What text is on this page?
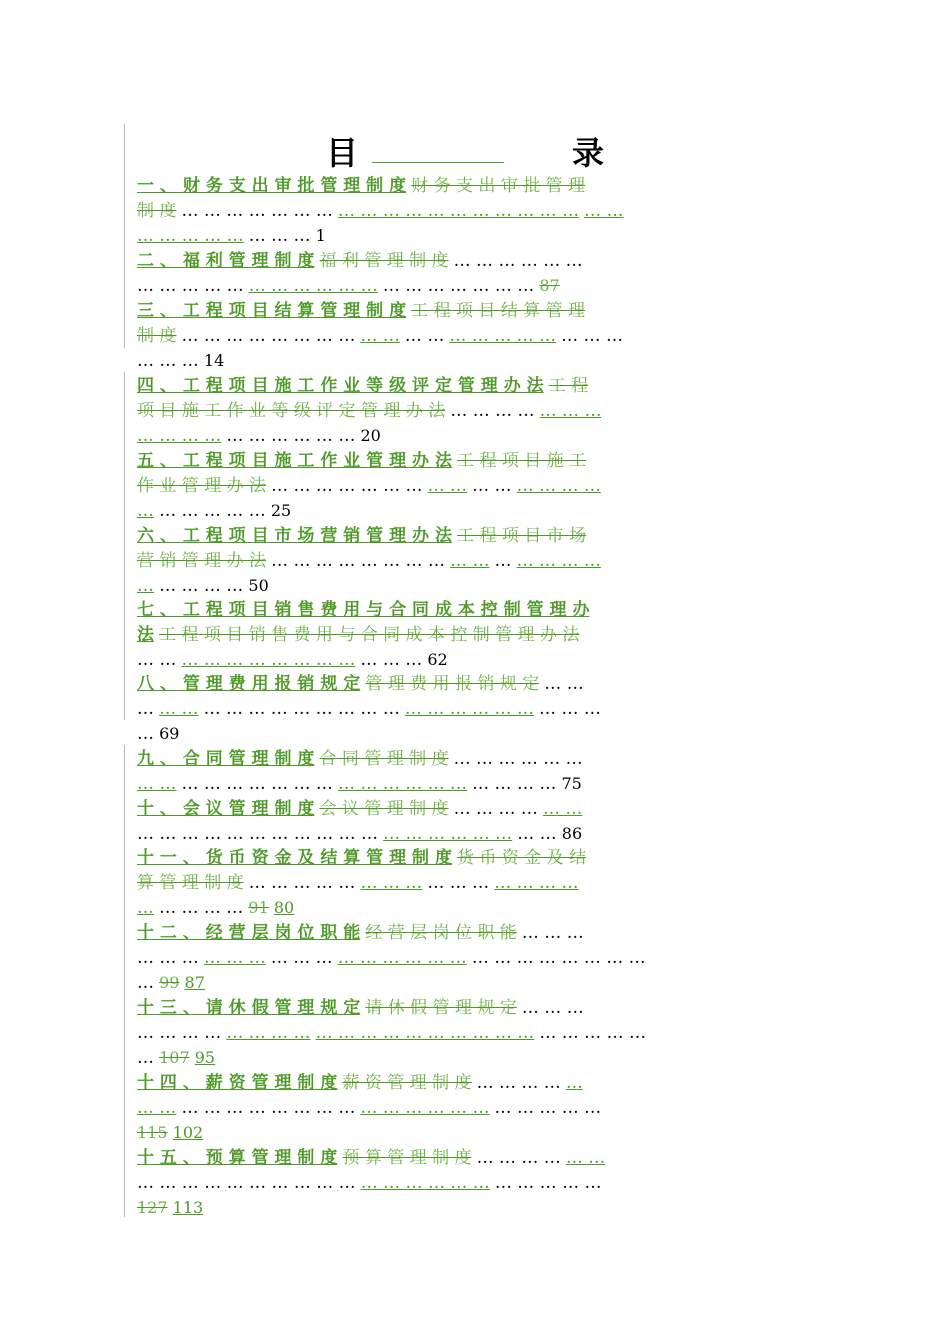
目	录
一 、 财 务 支 出 审 批 管 理 制 度 财 务 支 出 审 批 管 理
制 度 … … … … … … … … … … … … … … … … … … … …
… … … … … … … … 1
二 、 福 利 管 理 制 度 福 利 管 理 制 度 … … … … … …
… … … … … … … … … … … … … … … … … … 87
三 、 工 程 项 目 结 算 管 理 制 度 工 程 项 目 结 算 管 理
制 度 … … … … … … … … … … … … … … … … … … … …
… … … 14
四 、 工 程 项 目 施 工 作 业 等 级 评 定 管 理 办 法 工 程
项 目 施 工 作 业 等 级 评 定 管 理 办 法 … … … … … … …
… … … … … … … … … … 20
五 、 工 程 项 目 施 工 作 业 管 理 办 法 工 程 项 目 施 工
作 业 管 理 办 法 … … … … … … … … … … … … … … …
… … … … … … 25
六 、 工 程 项 目 市 场 营 销 管 理 办 法 工 程 项 目 市 场
营 销 管 理 办 法 … … … … … … … … … … … … … … …
… … … … … 50
七 、 工 程 项 目 销 售 费 用 与 合 同 成 本 控 制 管 理 办
法 工 程 项 目 销 售 费 用 与 合 同 成 本 控 制 管 理 办 法
… … … … … … … … … … … … … 62
八 、 管 理 费 用 报 销 规 定 管 理 费 用 报 销 规 定 … …
… … … … … … … … … … … … … … … … … … … … …
… 69
九 、 合 同 管 理 制 度 合 同 管 理 制 度 … … … … … …
… … … … … … … … … … … … … … … … … … … 75
十 、 会 议 管 理 制 度 会 议 管 理 制 度 … … … … … …
… … … … … … … … … … … … … … … … … … … 86
十 一 、 货 币 资 金 及 结 算 管 理 制 度 货 币 资 金 及 结
算 管 理 制 度 … … … … … … … … … … … … … … …
… … … … … 91 80
十 二 、 经 营 层 岗 位 职 能 经 营 层 岗 位 职 能 … … …
… … … … … … … … … … … … … … … … … … … … … … …
… 99 87
十 三 、 请 休 假 管 理 规 定 请 休 假 管 理 规 定 … … …
… … … … … … … … … … … … … … … … … … … … … … …
… 107 95
十 四 、 薪 资 管 理 制 度 薪 资 管 理 制 度 … … … … …
… … … … … … … … … … … … … … … … … … … … …
115 102
十 五 、 预 算 管 理 制 度 预 算 管 理 制 度 … … … … … …
… … … … … … … … … … … … … … … … … … … … …
127 113
